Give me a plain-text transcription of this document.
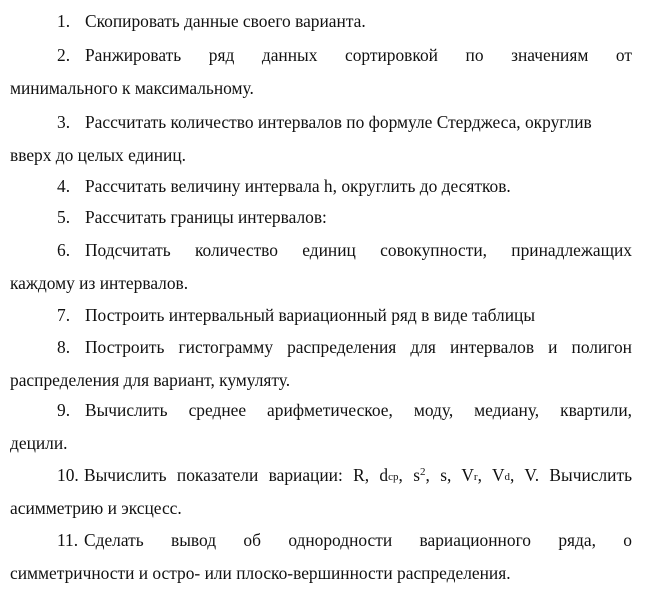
1. Скопировать данные своего варианта.
2. Ранжировать ряд данных сортировкой по значениям от
минимального к максимальному.
3. Рассчитать количество интервалов по формуле Стерджеса, округлив
вверх до целых единиц.
4. Рассчитать величину интервала h, округлить до десятков.
5. Рассчитать границы интервалов:
6. Подсчитать количество единиц совокупности, принадлежащих
каждому из интервалов.
7. Построить интервальный вариационный ряд в виде таблицы
8. Построить гистограмму распределения для интервалов и полигон
распределения для вариант, кумуляту.
9. Вычислить среднее арифметическое, моду, медиану, квартили,
децили.
10. Вычислить показатели вариации: R, $d_{ср}$, $s^2$, s, $V_r$, $V_d$, V. Вычислить
асимметрию и эксцесс.
11. Сделать вывод об однородности вариационного ряда, о
симметричности и остро- или плоско-вершинности распределения.
